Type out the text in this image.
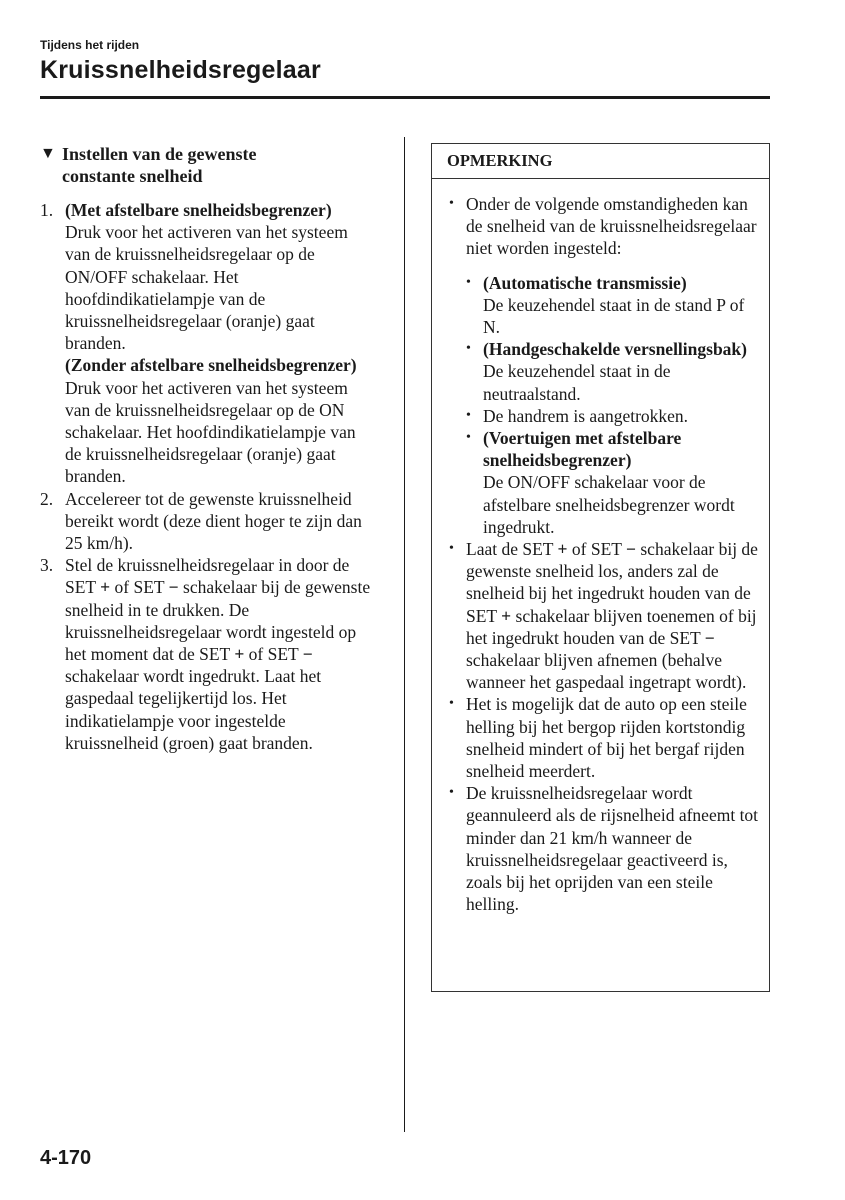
Tijdens het rijden
Kruissnelheidsregelaar
▼ Instellen van de gewenste
constante snelheid
1. (Met afstelbare snelheidsbegrenzer)
Druk voor het activeren van het systeem van de kruissnelheidsregelaar op de ON/OFF schakelaar. Het hoofdindikatielampje van de kruissnelheidsregelaar (oranje) gaat branden.
(Zonder afstelbare snelheidsbegrenzer)
Druk voor het activeren van het systeem van de kruissnelheidsregelaar op de ON schakelaar. Het hoofdindikatielampje van de kruissnelheidsregelaar (oranje) gaat branden.
2. Accelereer tot de gewenste kruissnelheid bereikt wordt (deze dient hoger te zijn dan 25 km/h).
3. Stel de kruissnelheidsregelaar in door de SET + of SET − schakelaar bij de gewenste snelheid in te drukken. De kruissnelheidsregelaar wordt ingesteld op het moment dat de SET + of SET − schakelaar wordt ingedrukt. Laat het gaspedaal tegelijkertijd los. Het indikatielampje voor ingestelde kruissnelheid (groen) gaat branden.
OPMERKING
• Onder de volgende omstandigheden kan de snelheid van de kruissnelheidsregelaar niet worden ingesteld:
• (Automatische transmissie)
De keuzehendel staat in de stand P of N.
• (Handgeschakelde versnellingsbak)
De keuzehendel staat in de neutraalstand.
• De handrem is aangetrokken.
• (Voertuigen met afstelbare snelheidsbegrenzer)
De ON/OFF schakelaar voor de afstelbare snelheidsbegrenzer wordt ingedrukt.
• Laat de SET + of SET − schakelaar bij de gewenste snelheid los, anders zal de snelheid bij het ingedrukt houden van de SET + schakelaar blijven toenemen of bij het ingedrukt houden van de SET − schakelaar blijven afnemen (behalve wanneer het gaspedaal ingetrapt wordt).
• Het is mogelijk dat de auto op een steile helling bij het bergop rijden kortstondig snelheid mindert of bij het bergaf rijden snelheid meerdert.
• De kruissnelheidsregelaar wordt geannuleerd als de rijsnelheid afneemt tot minder dan 21 km/h wanneer de kruissnelheidsregelaar geactiveerd is, zoals bij het oprijden van een steile helling.
4-170
